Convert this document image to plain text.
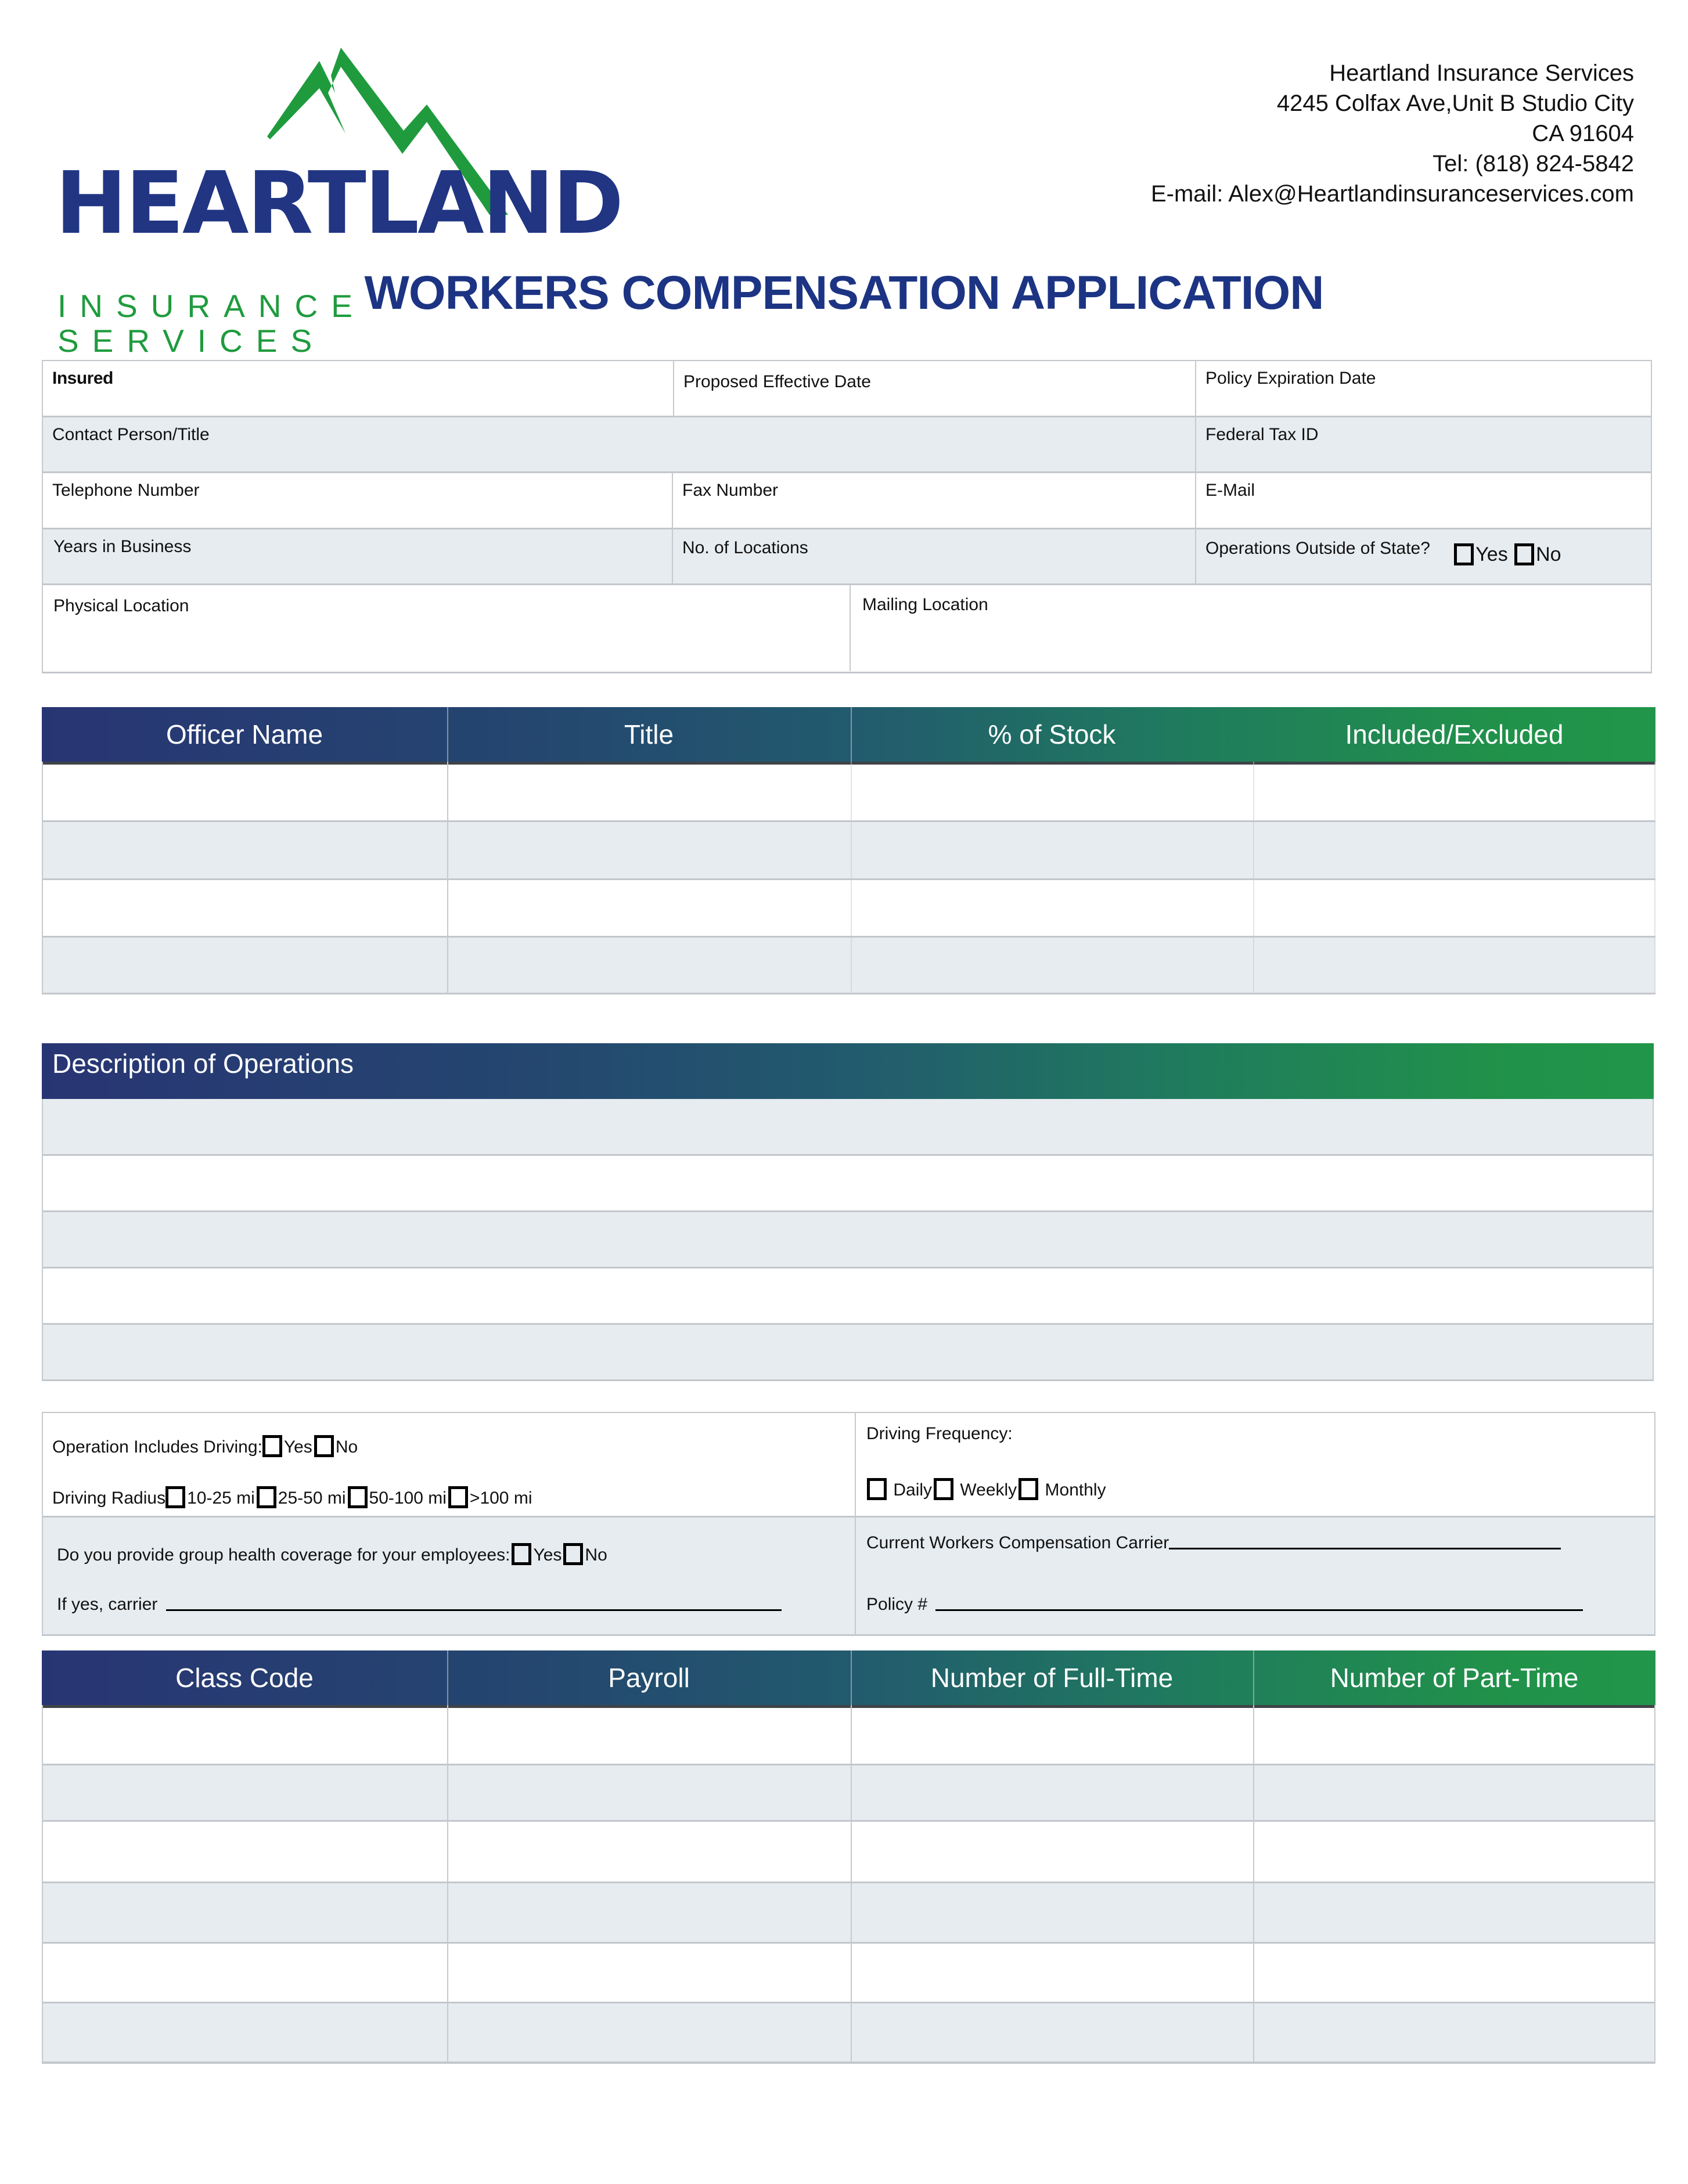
HEARTLAND
INSURANCE SERVICES
Heartland Insurance Services
4245 Colfax Ave,Unit B Studio City
CA 91604
Tel: (818) 824-5842
E-mail: Alex@Heartlandinsuranceservices.com
WORKERS COMPENSATION APPLICATION
Insured	Proposed Effective Date	Policy Expiration Date
Contact Person/Title	Federal Tax ID
Telephone Number	Fax Number	E-Mail
Years in Business	No. of Locations	Operations Outside of State? Yes No
Physical Location	Mailing Location
Officer Name	Title	% of Stock	Included/Excluded
Description of Operations
Operation Includes Driving: Yes No
Driving Radius 10-25 mi 25-50 mi 50-100 mi >100 mi
Driving Frequency:
Daily Weekly Monthly
Do you provide group health coverage for your employees: Yes No
If yes, carrier
Current Workers Compensation Carrier
Policy #
Class Code	Payroll	Number of Full-Time	Number of Part-Time
